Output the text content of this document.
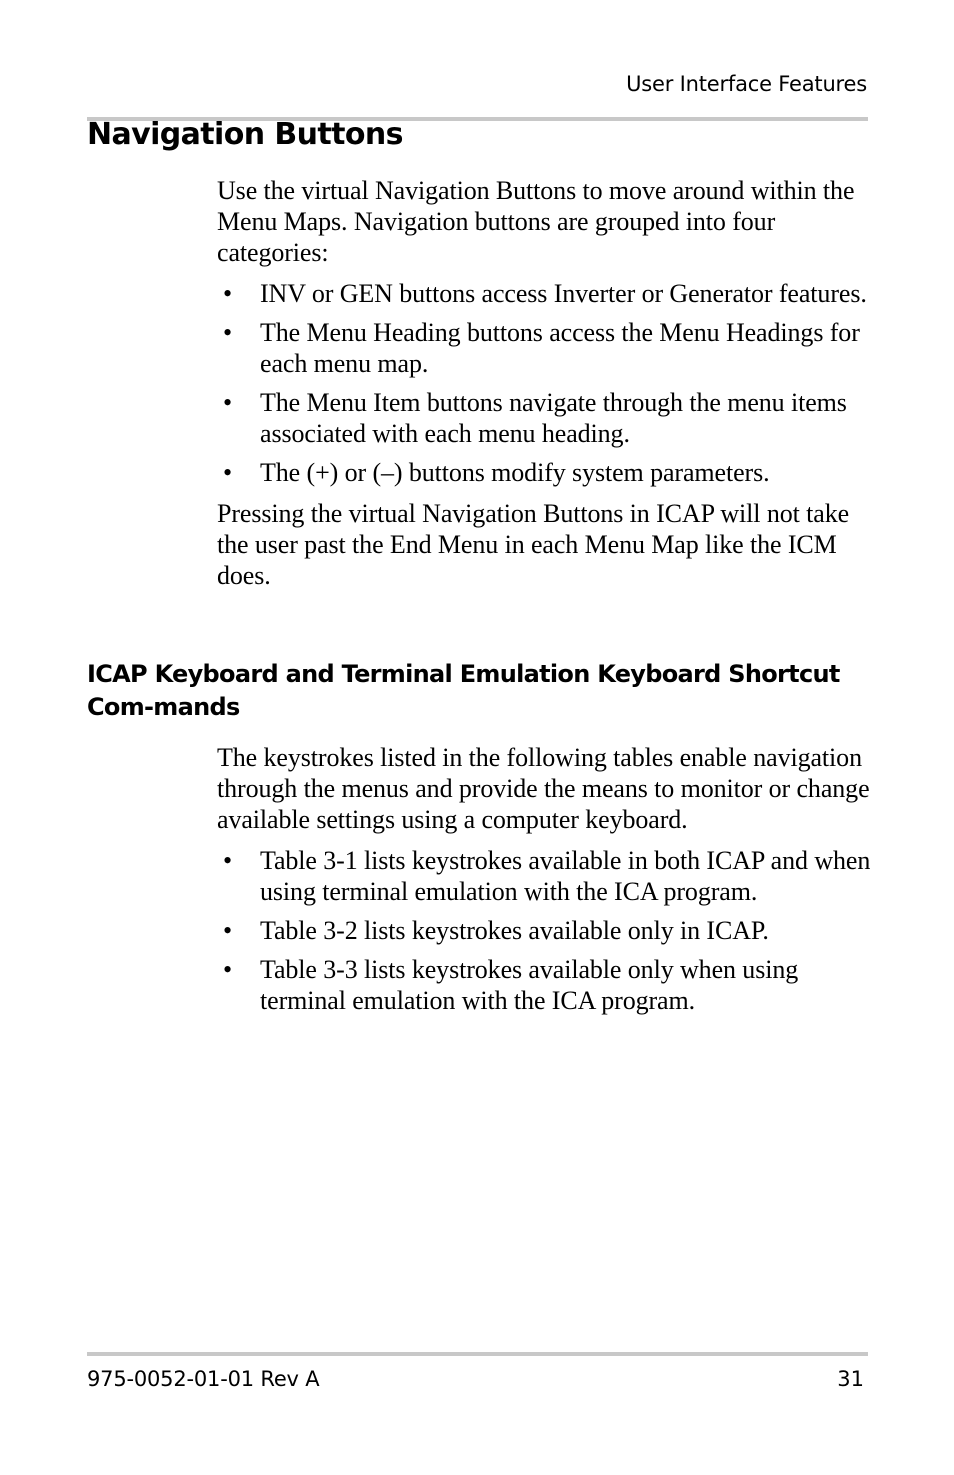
User Interface Features
Navigation Buttons

Use the virtual Navigation Buttons to move around within the Menu Maps. Navigation buttons are grouped into four categories:

• INV or GEN buttons access Inverter or Generator features.
• The Menu Heading buttons access the Menu Headings for each menu map.
• The Menu Item buttons navigate through the menu items associated with each menu heading.
• The (+) or (–) buttons modify system parameters.

Pressing the virtual Navigation Buttons in ICAP will not take the user past the End Menu in each Menu Map like the ICM does.

ICAP Keyboard and Terminal Emulation Keyboard Shortcut Com-mands

The keystrokes listed in the following tables enable navigation through the menus and provide the means to monitor or change available settings using a computer keyboard.

• Table 3-1 lists keystrokes available in both ICAP and when using terminal emulation with the ICA program.
• Table 3-2 lists keystrokes available only in ICAP.
• Table 3-3 lists keystrokes available only when using terminal emulation with the ICA program.
975-0052-01-01 Rev A	31
